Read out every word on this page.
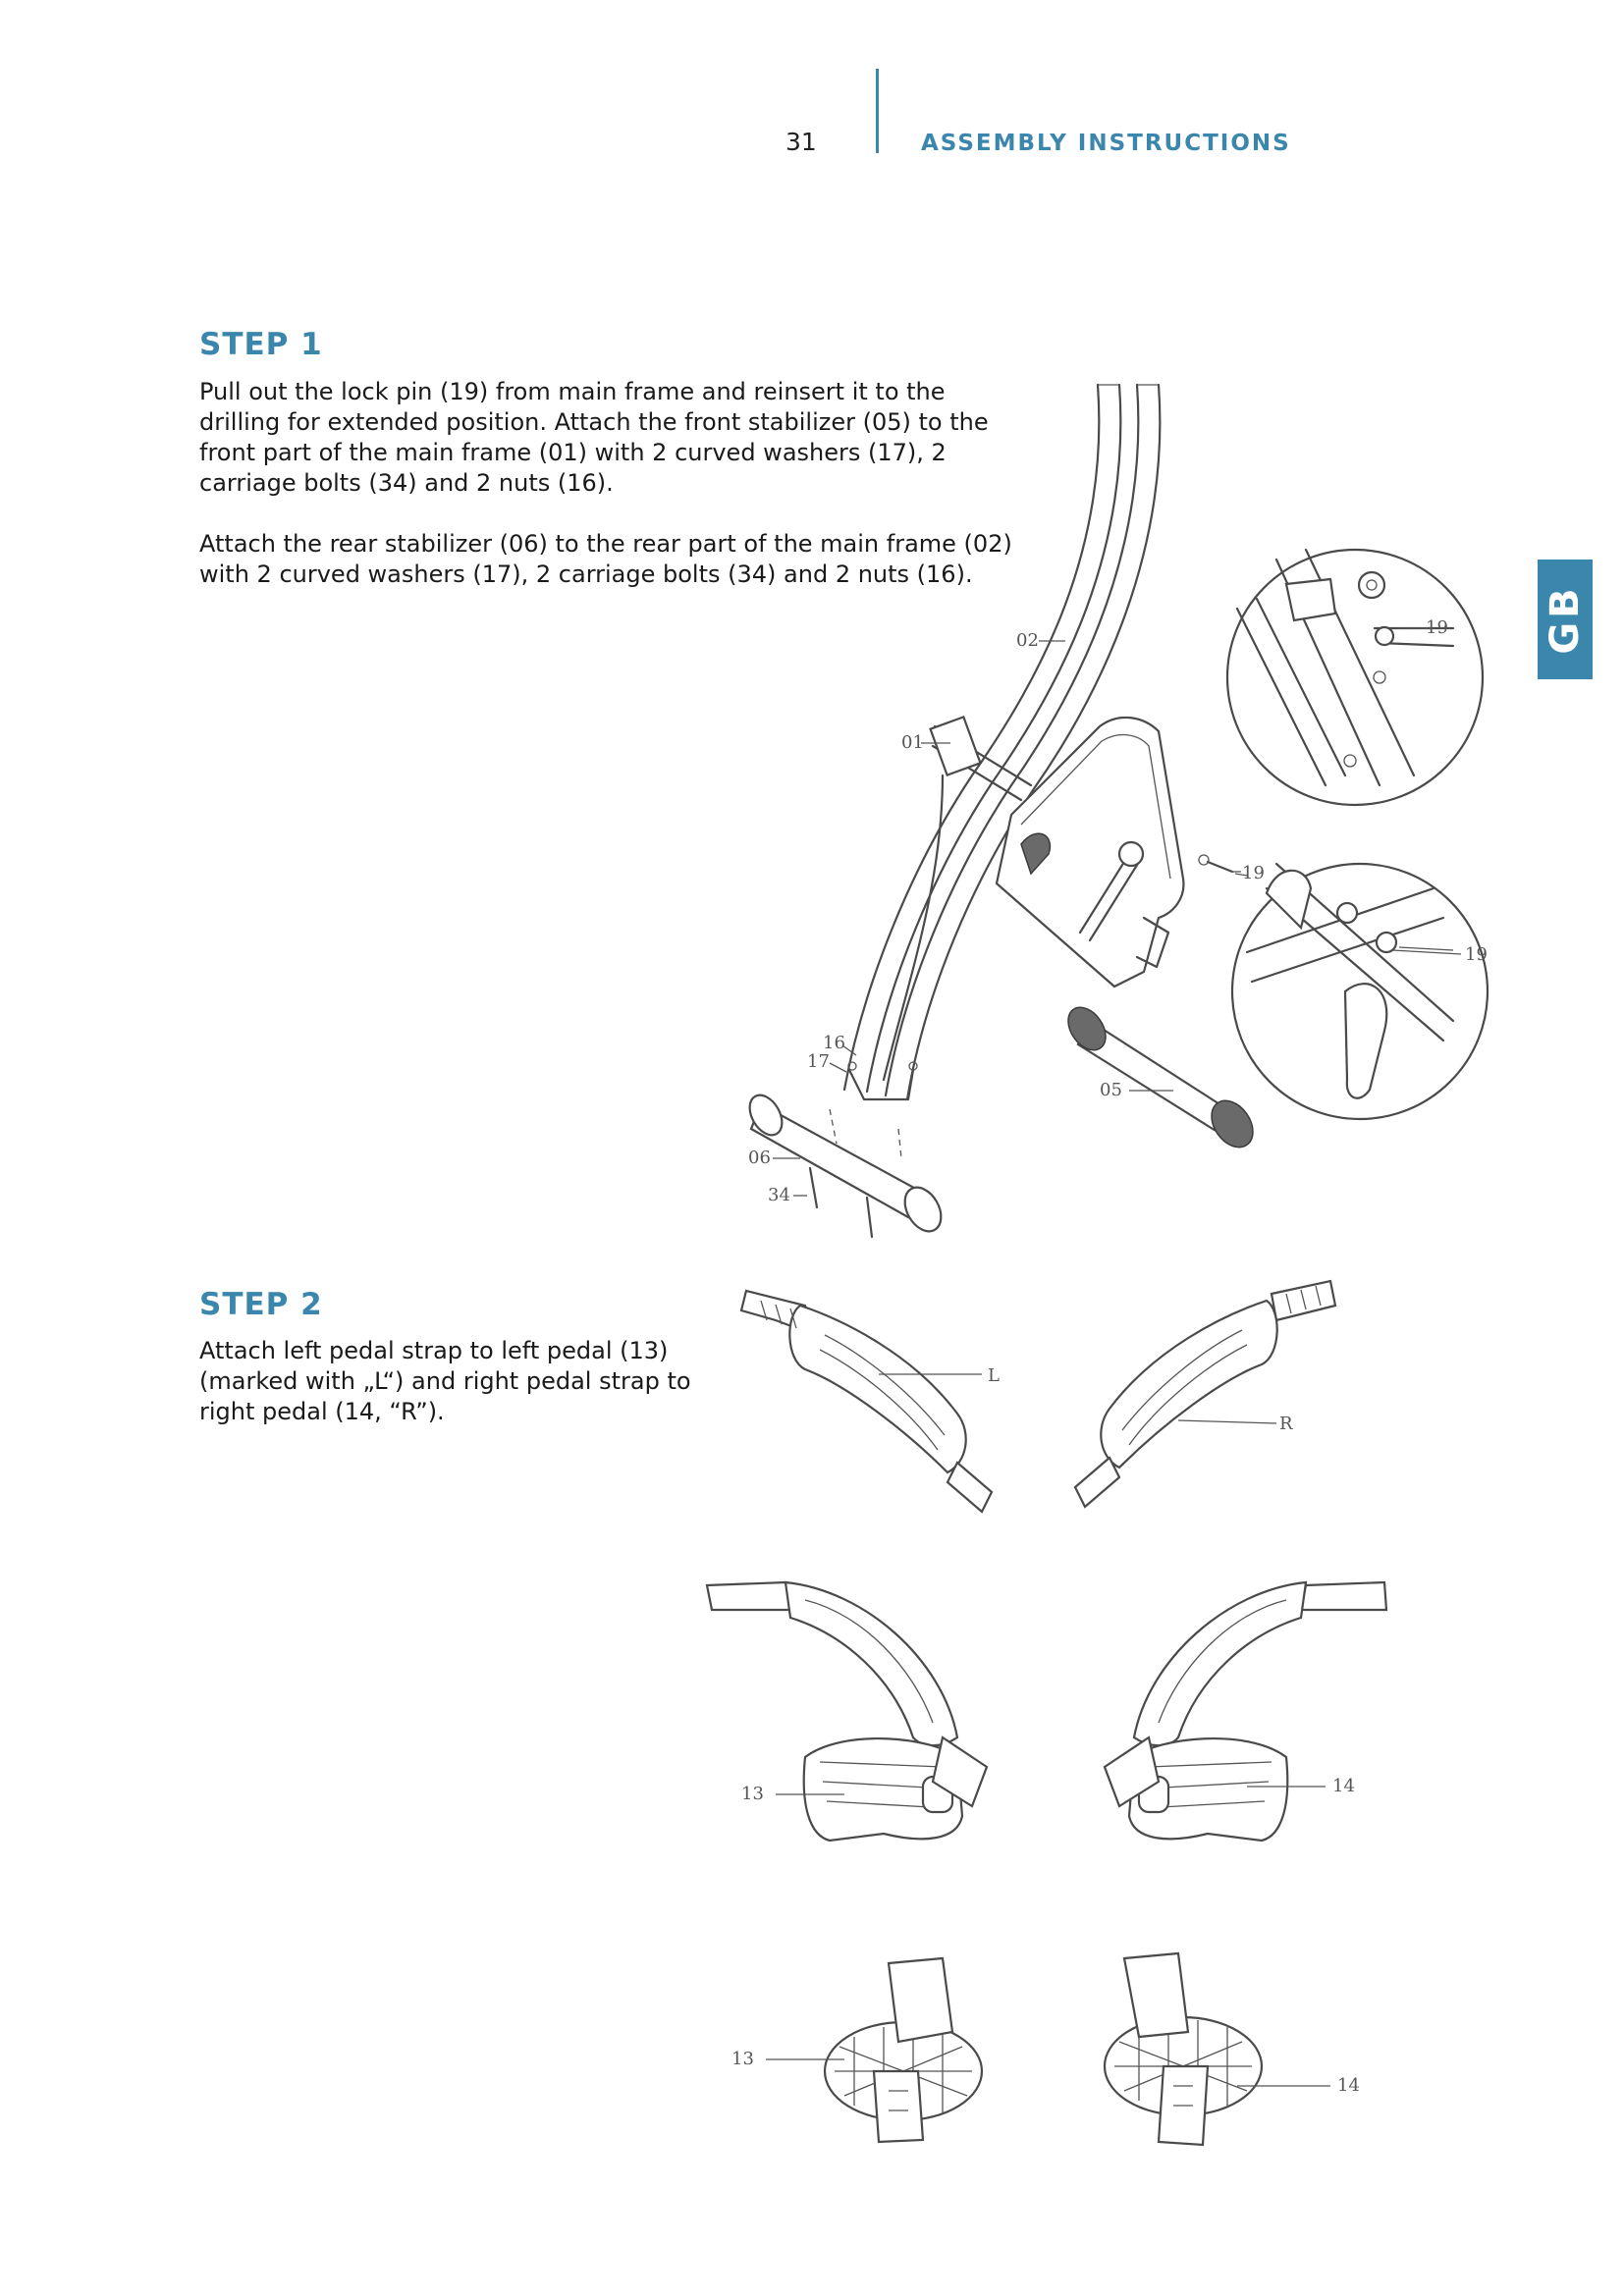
31	ASSEMBLY INSTRUCTIONS
GB
STEP 1

Pull out the lock pin (19) from main frame and reinsert it to the drilling for extended position. Attach the front stabilizer (05) to the front part of the main frame (01) with 2 curved washers (17), 2 carriage bolts (34) and 2 nuts (16).

Attach the rear stabilizer (06) to the rear part of the main frame (02) with 2 curved washers (17), 2 carriage bolts (34) and 2 nuts (16).

02
01
19
19
19
16
17
05
06
34
STEP 2

Attach left pedal strap to left pedal (13) (marked with „L“) and right pedal strap to right pedal (14, “R”).

L
R
13	14
13
14
